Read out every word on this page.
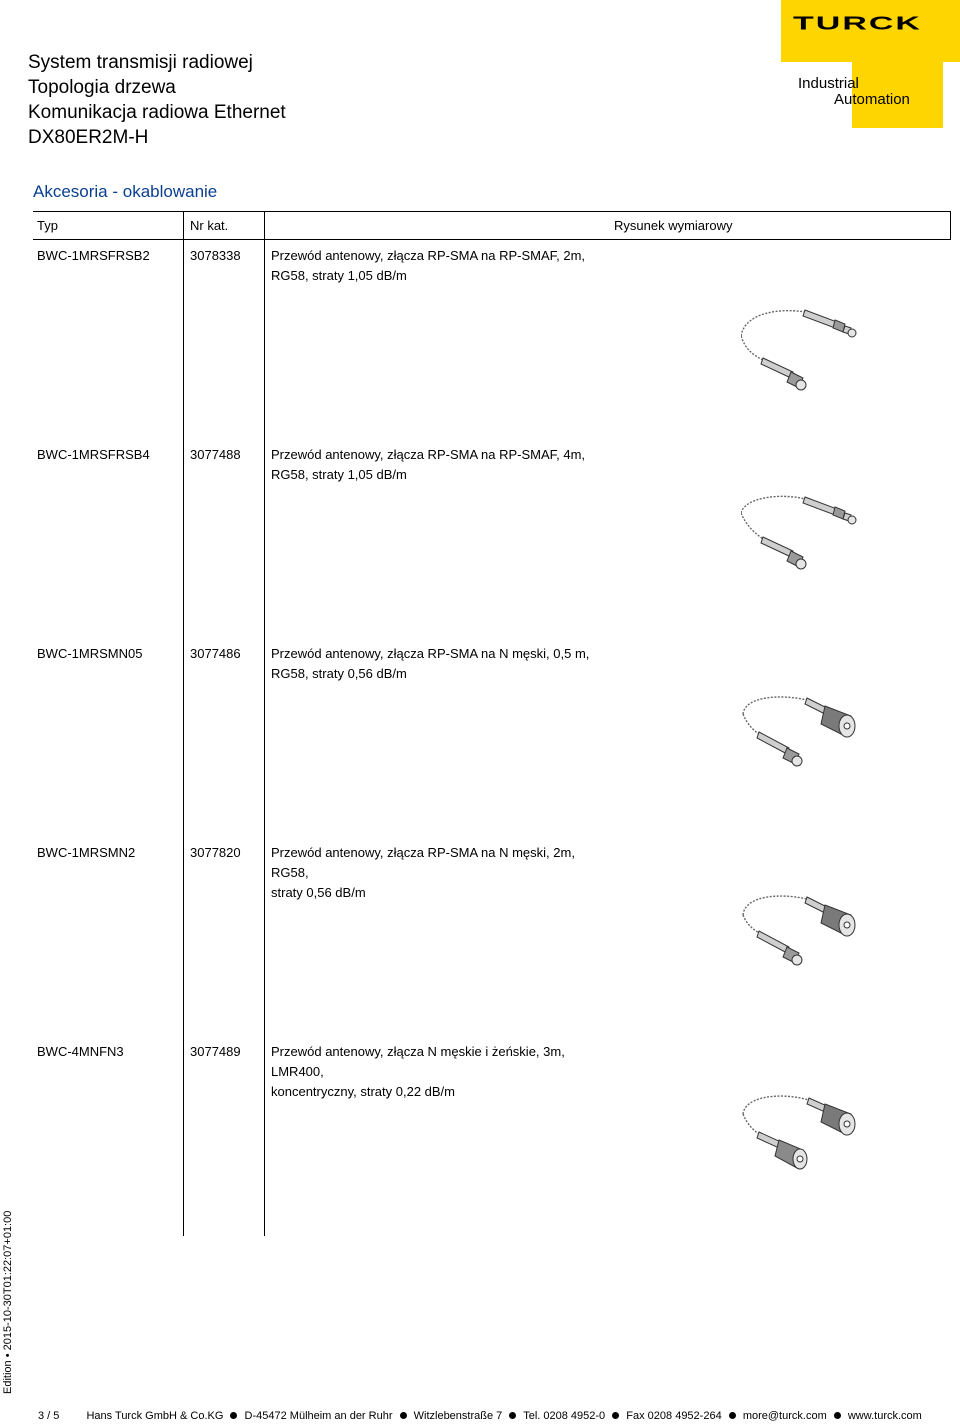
System transmisji radiowej
Topologia drzewa
Komunikacja radiowa Ethernet
DX80ER2M-H
TURCK
Industrial
Automation
Akcesoria - okablowanie
Typ	Nr kat.	Rysunek wymiarowy
BWC-1MRSFRSB2	3078338 Przewód antenowy, złącza RP-SMA na RP-SMAF, 2m,
RG58, straty 1,05 dB/m
BWC-1MRSFRSB4	3077488 Przewód antenowy, złącza RP-SMA na RP-SMAF, 4m,
RG58, straty 1,05 dB/m
BWC-1MRSMN05	3077486 Przewód antenowy, złącza RP-SMA na N męski, 0,5 m,
RG58, straty 0,56 dB/m
BWC-1MRSMN2	3077820 Przewód antenowy, złącza RP-SMA na N męski, 2m, RG58,
straty 0,56 dB/m
BWC-4MNFN3	3077489 Przewód antenowy, złącza N męskie i żeńskie, 3m, LMR400,
koncentryczny, straty 0,22 dB/m
Edition • 2015-10-30T01:22:07+01:00
3 / 5 Hans Turck GmbH & Co.KG D-45472 Mülheim an der Ruhr Witzlebenstraße 7 Tel. 0208 4952-0 Fax 0208 4952-264 more@turck.com www.turck.com
